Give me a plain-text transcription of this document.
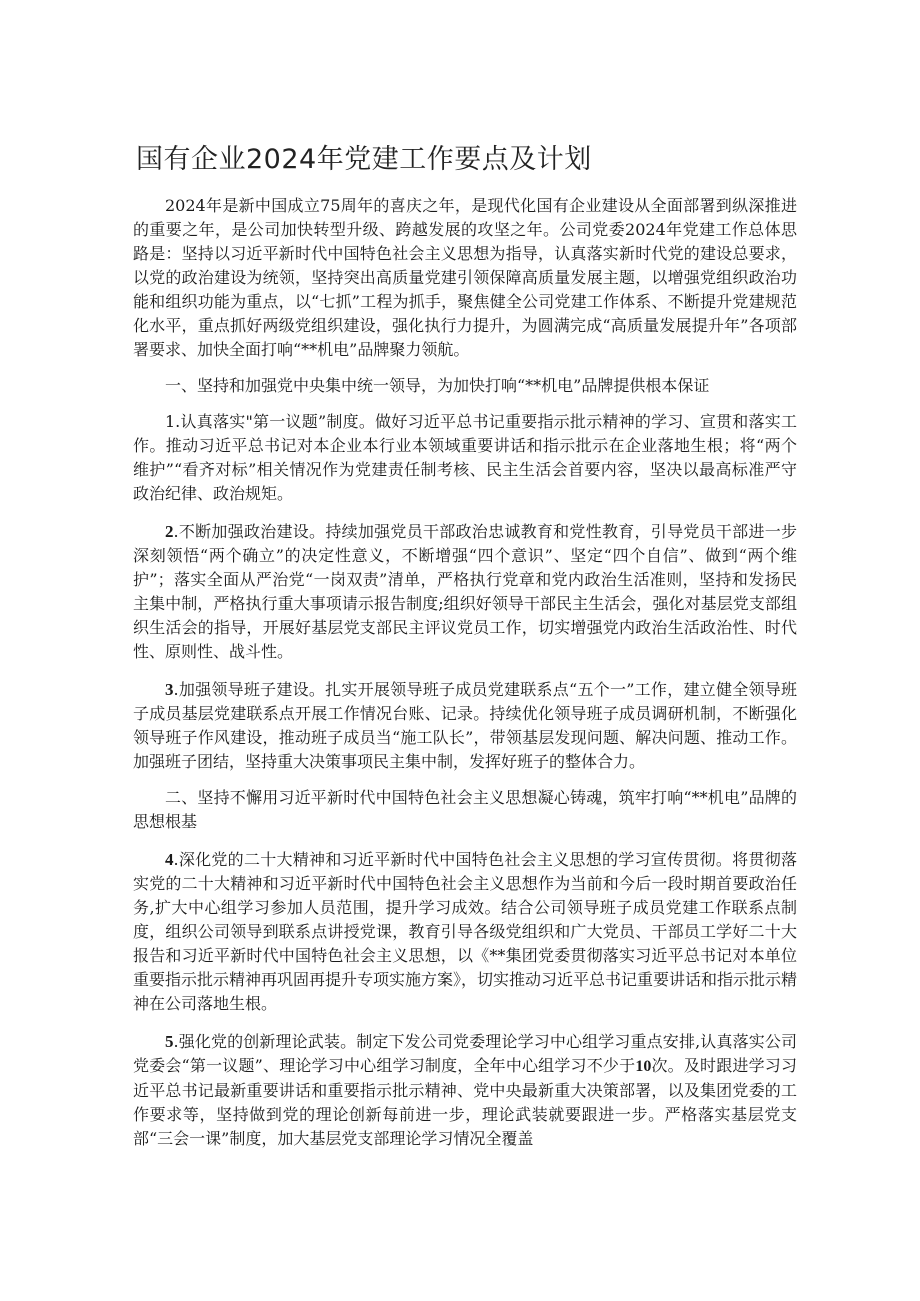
国有企业2024年党建工作要点及计划

2024年是新中国成立75周年的喜庆之年，是现代化国有企业建设从全面部署到纵深推进的重要之年，是公司加快转型升级、跨越发展的攻坚之年。公司党委2024年党建工作总体思路是：坚持以习近平新时代中国特色社会主义思想为指导，认真落实新时代党的建设总要求，以党的政治建设为统领，坚持突出高质量党建引领保障高质量发展主题，以增强党组织政治功能和组织功能为重点，以“七抓”工程为抓手，聚焦健全公司党建工作体系、不断提升党建规范化水平，重点抓好两级党组织建设，强化执行力提升，为圆满完成“高质量发展提升年”各项部署要求、加快全面打响“**机电”品牌聚力领航。

一、坚持和加强党中央集中统一领导，为加快打响“**机电”品牌提供根本保证

1.认真落实"第一议题”制度。做好习近平总书记重要指示批示精神的学习、宣贯和落实工作。推动习近平总书记对本企业本行业本领域重要讲话和指示批示在企业落地生根；将“两个维护”“看齐对标”相关情况作为党建责任制考核、民主生活会首要内容，坚决以最高标准严守政治纪律、政治规矩。

2.不断加强政治建设。持续加强党员干部政治忠诚教育和党性教育，引导党员干部进一步深刻领悟“两个确立”的决定性意义，不断增强“四个意识”、坚定“四个自信”、做到“两个维护”；落实全面从严治党“一岗双责”清单，严格执行党章和党内政治生活准则，坚持和发扬民主集中制，严格执行重大事项请示报告制度;组织好领导干部民主生活会，强化对基层党支部组织生活会的指导，开展好基层党支部民主评议党员工作，切实增强党内政治生活政治性、时代性、原则性、战斗性。

3.加强领导班子建设。扎实开展领导班子成员党建联系点“五个一”工作，建立健全领导班子成员基层党建联系点开展工作情况台账、记录。持续优化领导班子成员调研机制，不断强化领导班子作风建设，推动班子成员当“施工队长”，带领基层发现问题、解决问题、推动工作。加强班子团结，坚持重大决策事项民主集中制，发挥好班子的整体合力。

二、坚持不懈用习近平新时代中国特色社会主义思想凝心铸魂，筑牢打响“**机电”品牌的思想根基

4.深化党的二十大精神和习近平新时代中国特色社会主义思想的学习宣传贯彻。将贯彻落实党的二十大精神和习近平新时代中国特色社会主义思想作为当前和今后一段时期首要政治任务,扩大中心组学习参加人员范围，提升学习成效。结合公司领导班子成员党建工作联系点制度，组织公司领导到联系点讲授党课，教育引导各级党组织和广大党员、干部员工学好二十大报告和习近平新时代中国特色社会主义思想，以《**集团党委贯彻落实习近平总书记对本单位重要指示批示精神再巩固再提升专项实施方案》，切实推动习近平总书记重要讲话和指示批示精神在公司落地生根。

5.强化党的创新理论武装。制定下发公司党委理论学习中心组学习重点安排,认真落实公司党委会“第一议题”、理论学习中心组学习制度，全年中心组学习不少于10次。及时跟进学习习近平总书记最新重要讲话和重要指示批示精神、党中央最新重大决策部署，以及集团党委的工作要求等，坚持做到党的理论创新每前进一步，理论武装就要跟进一步。严格落实基层党支部“三会一课”制度，加大基层党支部理论学习情况全覆盖
